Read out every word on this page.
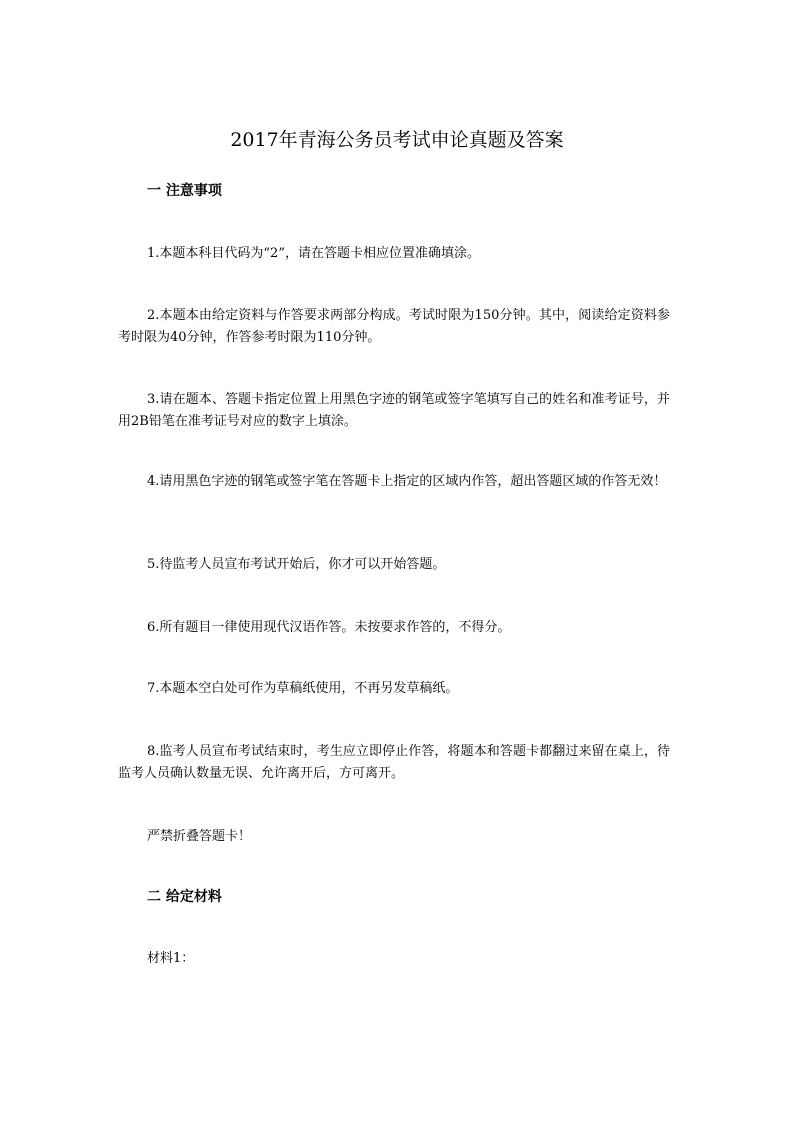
2017年青海公务员考试申论真题及答案
一 注意事项

1.本题本科目代码为“2”，请在答题卡相应位置准确填涂。

2.本题本由给定资料与作答要求两部分构成。考试时限为150分钟。其中，阅读给定资料参考时限为40分钟，作答参考时限为110分钟。

3.请在题本、答题卡指定位置上用黑色字迹的钢笔或签字笔填写自己的姓名和准考证号，并用2B铅笔在准考证号对应的数字上填涂。

4.请用黑色字迹的钢笔或签字笔在答题卡上指定的区域内作答，超出答题区域的作答无效！

5.待监考人员宣布考试开始后，你才可以开始答题。

6.所有题目一律使用现代汉语作答。未按要求作答的，不得分。

7.本题本空白处可作为草稿纸使用，不再另发草稿纸。

8.监考人员宣布考试结束时，考生应立即停止作答，将题本和答题卡都翻过来留在桌上，待监考人员确认数量无误、允许离开后，方可离开。

严禁折叠答题卡！

二 给定材料

材料1：
